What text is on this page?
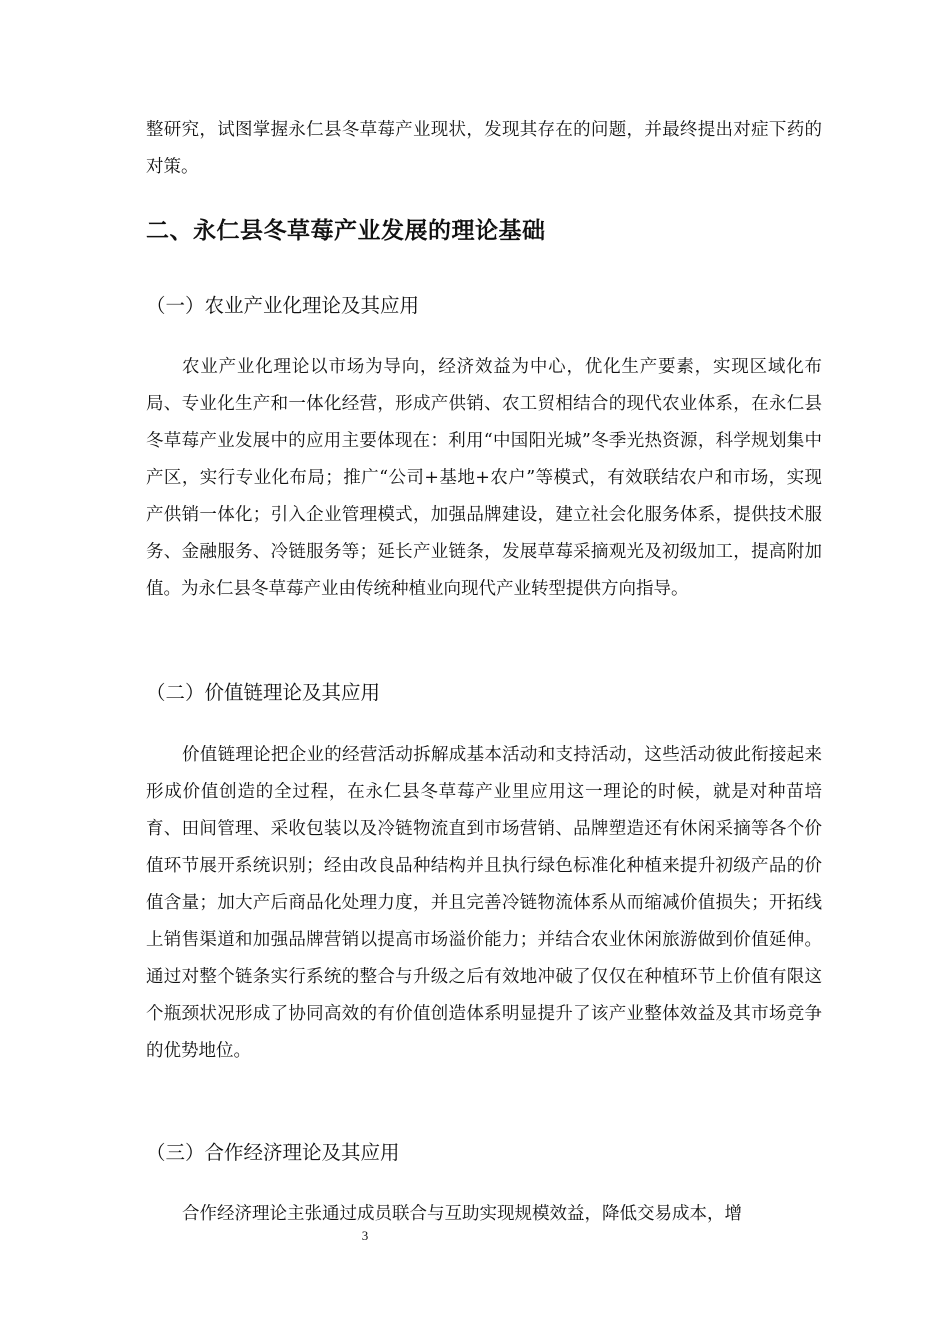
整研究，试图掌握永仁县冬草莓产业现状，发现其存在的问题，并最终提出对症下药的对策。

二、永仁县冬草莓产业发展的理论基础
（一）农业产业化理论及其应用

农业产业化理论以市场为导向，经济效益为中心，优化生产要素，实现区域化布局、专业化生产和一体化经营，形成产供销、农工贸相结合的现代农业体系，在永仁县冬草莓产业发展中的应用主要体现在：利用“中国阳光城”冬季光热资源，科学规划集中产区，实行专业化布局；推广“公司+基地+农户”等模式，有效联结农户和市场，实现产供销一体化；引入企业管理模式，加强品牌建设，建立社会化服务体系，提供技术服务、金融服务、冷链服务等；延长产业链条，发展草莓采摘观光及初级加工，提高附加值。为永仁县冬草莓产业由传统种植业向现代产业转型提供方向指导。

（二）价值链理论及其应用

价值链理论把企业的经营活动拆解成基本活动和支持活动，这些活动彼此衔接起来形成价值创造的全过程，在永仁县冬草莓产业里应用这一理论的时候，就是对种苗培育、田间管理、采收包装以及冷链物流直到市场营销、品牌塑造还有休闲采摘等各个价值环节展开系统识别；经由改良品种结构并且执行绿色标准化种植来提升初级产品的价值含量；加大产后商品化处理力度，并且完善冷链物流体系从而缩减价值损失；开拓线上销售渠道和加强品牌营销以提高市场溢价能力；并结合农业休闲旅游做到价值延伸。通过对整个链条实行系统的整合与升级之后有效地冲破了仅仅在种植环节上价值有限这个瓶颈状况形成了协同高效的有价值创造体系明显提升了该产业整体效益及其市场竞争的优势地位。

（三）合作经济理论及其应用

合作经济理论主张通过成员联合与互助实现规模效益，降低交易成本，增

3
